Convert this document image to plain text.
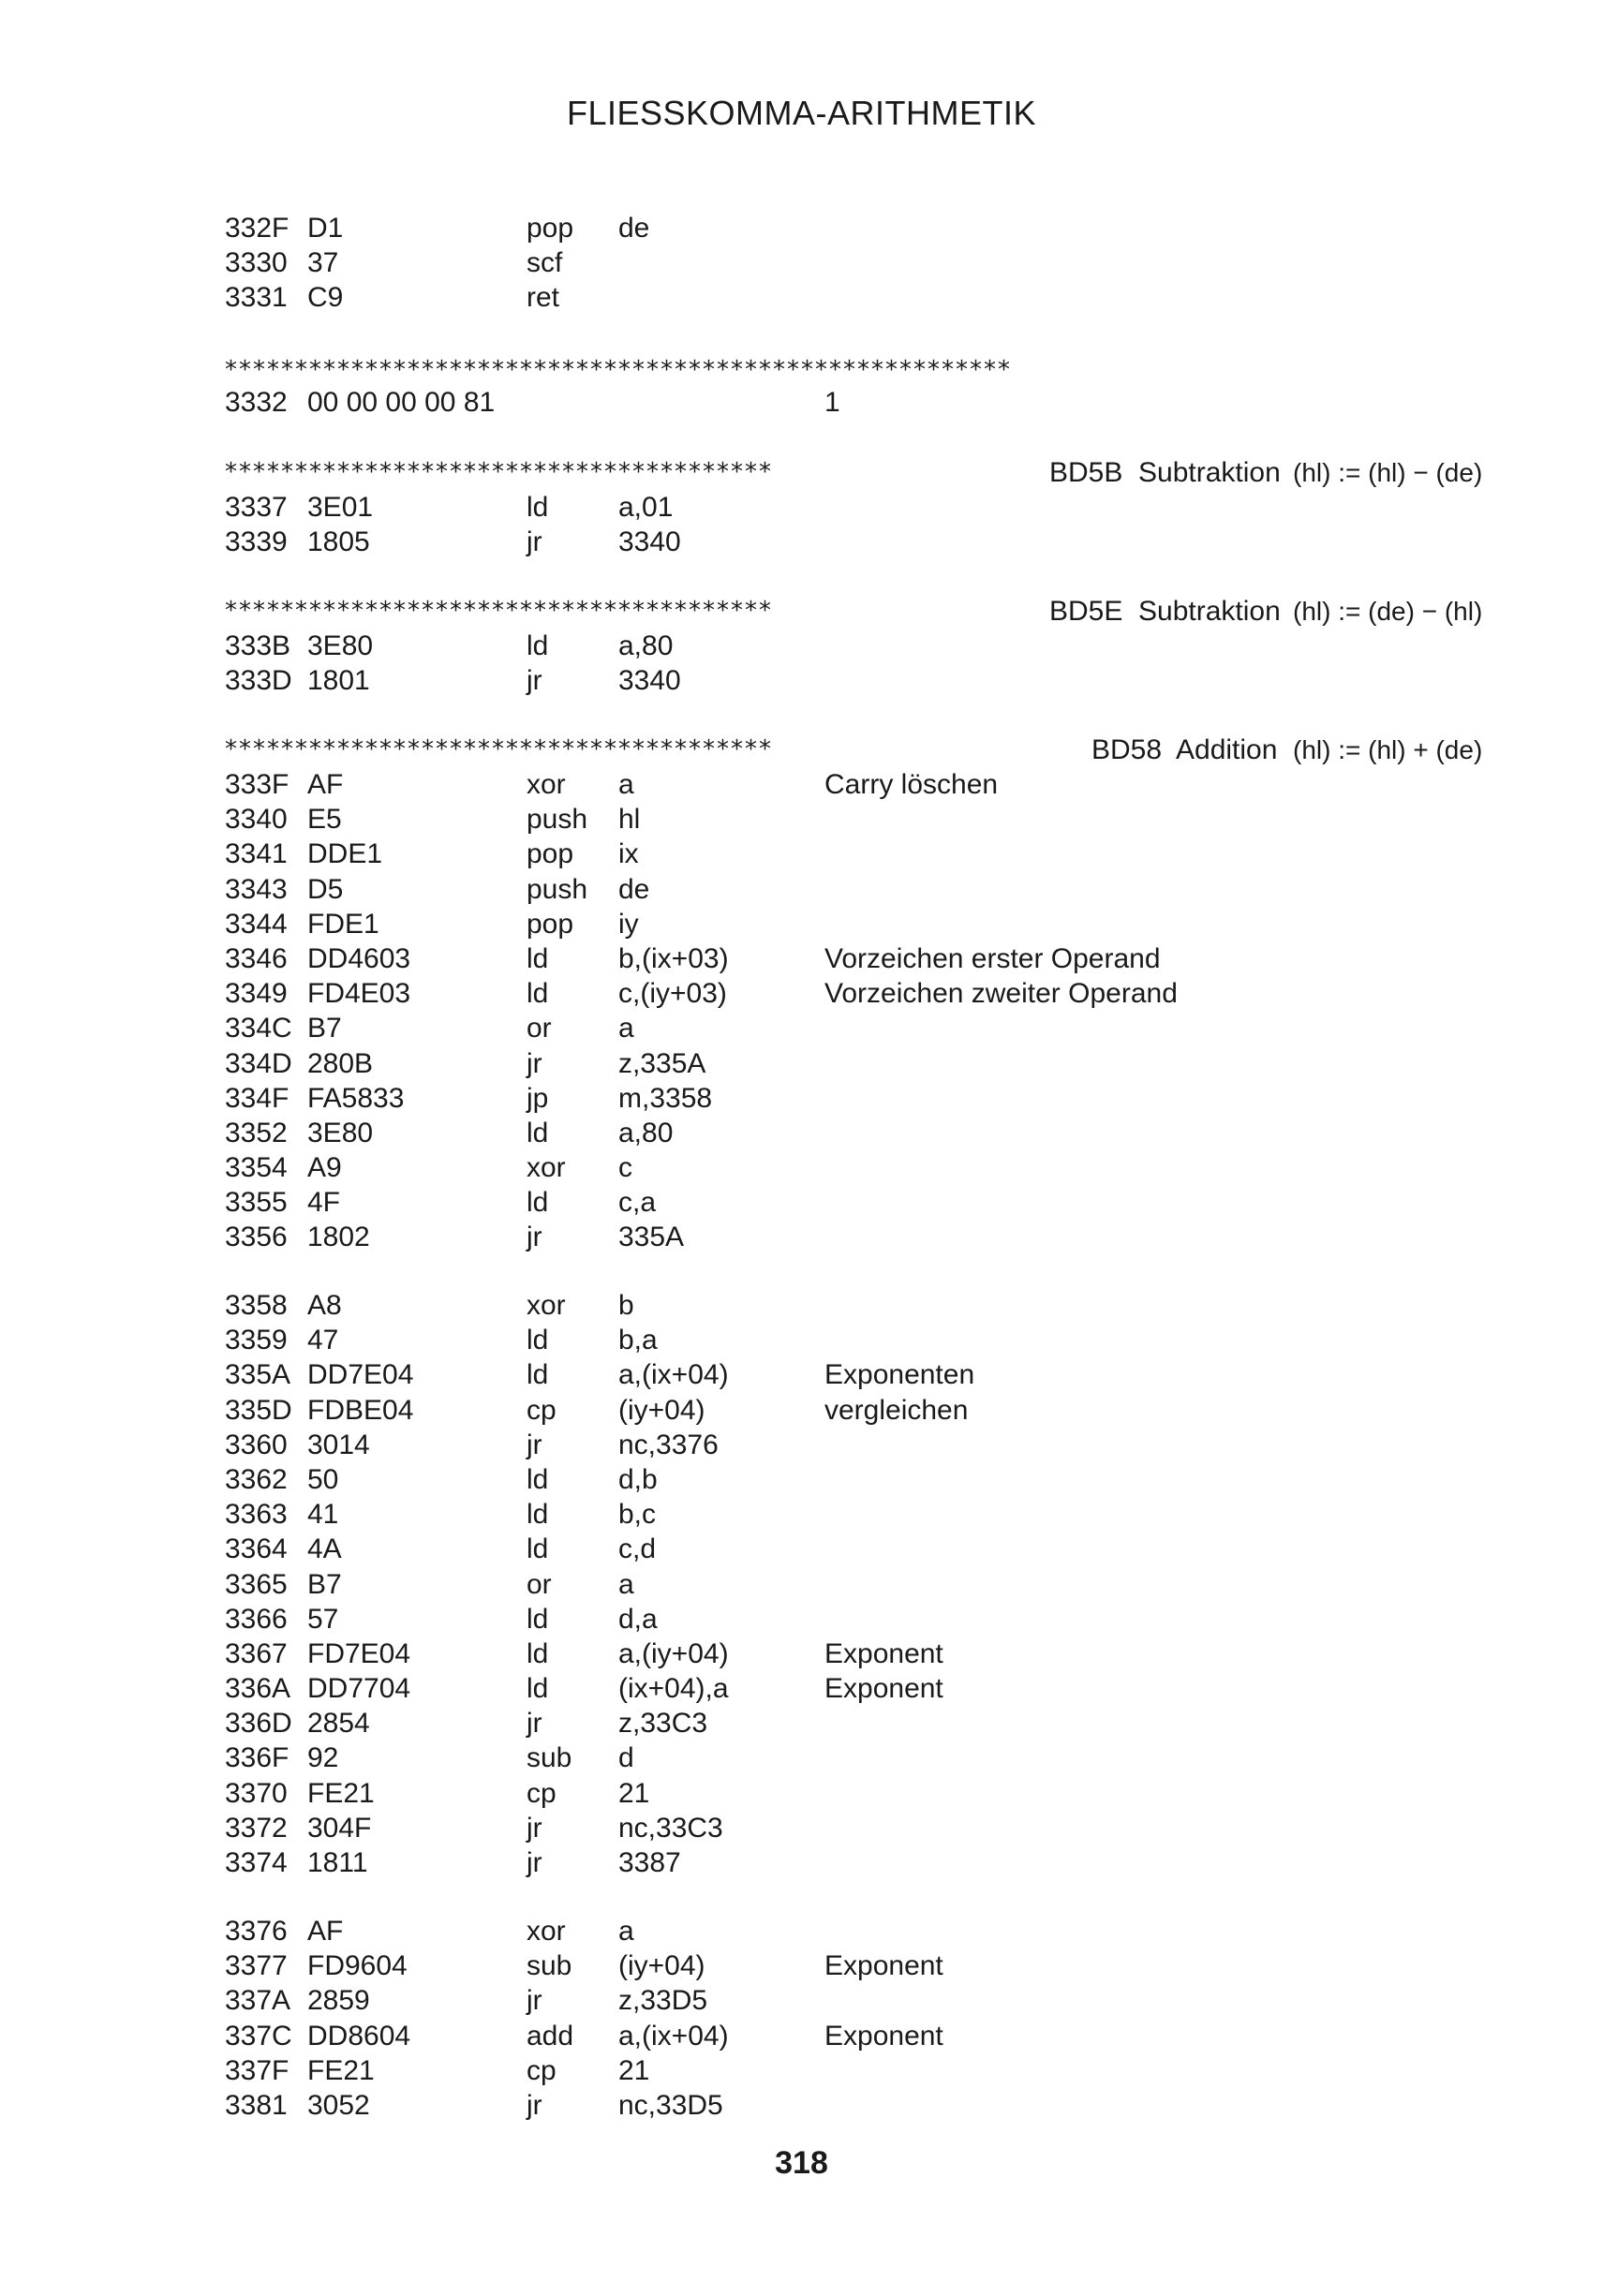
FLIESSKOMMA-ARITHMETIK
332F D1	pop de
3330 37	scf
3331 C9	ret
********************************************************
3332 00 00 00 00 81	1
***************************************	BD5B Subtraktion (hl) := (hl) − (de)
3337 3E01	ld a,01
3339 1805	jr	3340
***************************************	BD5E Subtraktion (hl) := (de) − (hl)
333B 3E80	ld a,80
333D 1801	jr	3340
***************************************	BD58 Addition (hl) := (hl) + (de)
333F AF	xor a	Carry löschen
3340 E5	push hl
3341 DDE1	pop ix
3343 D5	push de
3344 FDE1	pop iy
3346 DD4603	ld b,(ix+03)	Vorzeichen erster Operand
3349 FD4E03	ld c,(iy+03)	Vorzeichen zweiter Operand
334C B7	or a
334D 280B	jr	z,335A
334F FA5833	jp m,3358
3352 3E80	ld a,80
3354 A9	xor c
3355 4F	ld c,a
3356 1802	jr	335A
3358 A8	xor b
3359 47	ld b,a
335A DD7E04	ld a,(ix+04)	Exponenten
335D FDBE04	cp (iy+04)	vergleichen
3360 3014	jr	nc,3376
3362 50	ld d,b
3363 41	ld b,c
3364 4A	ld c,d
3365 B7	or a
3366 57	ld d,a
3367 FD7E04	ld a,(iy+04)	Exponent
336A DD7704	ld (ix+04),a	Exponent
336D 2854	jr	z,33C3
336F 92	sub d
3370 FE21	cp 21
3372 304F	jr	nc,33C3
3374 1811	jr	3387
3376 AF	xor a
3377 FD9604	sub (iy+04)	Exponent
337A 2859	jr	z,33D5
337C DD8604	add a,(ix+04)	Exponent
337F FE21	cp 21
3381 3052	jr	nc,33D5
318
